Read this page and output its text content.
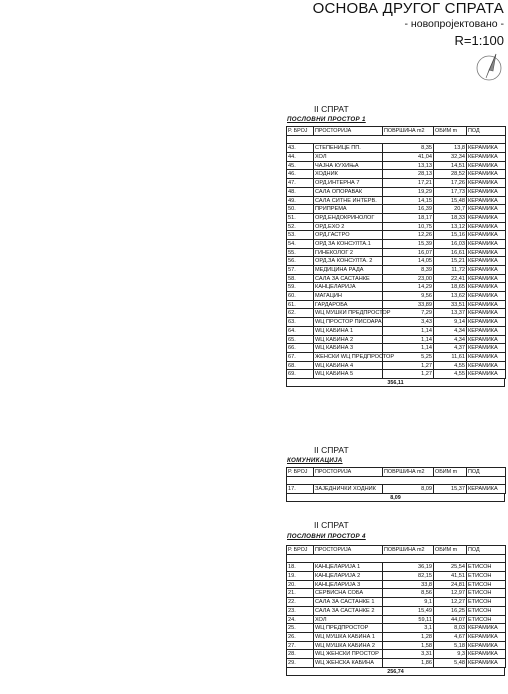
ОСНОВА ДРУГОГ СПРАТА
- новопројектовано -
R=1:100
II СПРАТ
ПОСЛОВНИ ПРОСТОР 1
Р. БРОЈ	ПРОСТОРИЈА	ПОВРШИНА m2	ОБИМ m	ПОД
43.	СТЕПЕНИЦЕ ПП.	8,35	13,8 КЕРАМИКА
44.	ХОЛ	41,04	32,34 КЕРАМИКА
45.	ЧАЈНА КУХИЊА	13,13	14,51 КЕРАМИКА
46.	ХОДНИК	28,13	28,52 КЕРАМИКА
47.	ОРД.ИНТЕРНА 7	17,21	17,26 КЕРАМИКА
48.	САЛА ОПОРАВАК	19,29	17,73 КЕРАМИКА
49.	САЛА СИТНЕ ИНТЕРВ.	14,15	15,48 КЕРАМИКА
50.	ПРИПРЕМА	16,39	20,7 КЕРАМИКА
51.	ОРД.ЕНДОКРИНОЛОГ	18,17	18,33 КЕРАМИКА
52.	ОРД.ЕХО 2	10,75	13,12 КЕРАМИКА
53.	ОРД.ГАСТРО	12,26	15,16 КЕРАМИКА
54.	ОРД ЗА КОНСУЛТА.1	15,39	16,03 КЕРАМИКА
55.	ГИНЕКОЛОГ 2	16,07	16,61 КЕРАМИКА
56.	ОРД.ЗА КОНСУЛТА. 2	14,05	15,21 КЕРАМИКА
57.	МЕДИЦИНА РАДА	8,39	11,72 КЕРАМИКА
58.	САЛА ЗА САСТАНКЕ	23,00	22,41 КЕРАМИКА
59.	КАНЦЕЛАРИЈА	14,29	18,65 КЕРАМИКА
60.	МАГАЦИН	9,56	13,62 КЕРАМИКА
61.	ГАРДАРОБА	33,89	33,51 КЕРАМИКА
62.	WЦ МУШКИ ПРЕДПРОСТОР	7,29	13,37 КЕРАМИКА
63.	WЦ ПРОСТОР ПИСОАРА	3,43	9,14 КЕРАМИКА
64.	WЦ КАБИНА 1	1,14	4,34 КЕРАМИКА
65.	WЦ КАБИНА 2	1,14	4,34 КЕРАМИКА
66.	WЦ КАБИНА 3	1,14	4,37 КЕРАМИКА
67.	ЖЕНСКИ WЦ ПРЕДПРОСТОР	5,25	11,61 КЕРАМИКА
68.	WЦ КАБИНА 4	1,27	4,55 КЕРАМИКА
69.	WЦ КАБИНА 5	1,27	4,55 КЕРАМИКА
356,11
II СПРАТ
КОМУНИКАЦИЈА
Р. БРОЈ	ПРОСТОРИЈА	ПОВРШИНА m2	ОБИМ m	ПОД
17.	ЗАЈЕДНИЧКИ ХОДНИК	8,09	15,37 КЕРАМИКА
8,09
II СПРАТ
ПОСЛОВНИ ПРОСТОР 4
Р. БРОЈ	ПРОСТОРИЈА	ПОВРШИНА m2	ОБИМ m	ПОД
18.	КАНЦЕЛАРИЈА 1	36,19	25,54 ЕТИСОН
19.	КАНЦЕЛАРИЈА 2	82,15	41,51 ЕТИСОН
20.	КАНЦЕЛАРИЈА 3	33,8	24,81 ЕТИСОН
21.	СЕРВИСНА СОБА	8,56	12,97 ЕТИСОН
22.	САЛА ЗА САСТАНКЕ 1	9,1	12,27 ЕТИСОН
23.	САЛА ЗА САСТАНКЕ 2	15,49	16,25 ЕТИСОН
24.	ХОЛ	59,11	44,07 ЕТИСОН
25.	WЦ ПРЕДПРОСТОР	3,1	8,03 КЕРАМИКА
26.	WЦ МУШКА КАБИНА 1	1,28	4,67 КЕРАМИКА
27.	WЦ МУШКА КАБИНА 2	1,58	5,18 КЕРАМИКА
28.	WЦ ЖЕНСКИ ПРОСТОР	3,31	9,3 КЕРАМИКА
29.	WЦ ЖЕНСКА КАБИНА	1,86	5,48 КЕРАМИКА
256,74
